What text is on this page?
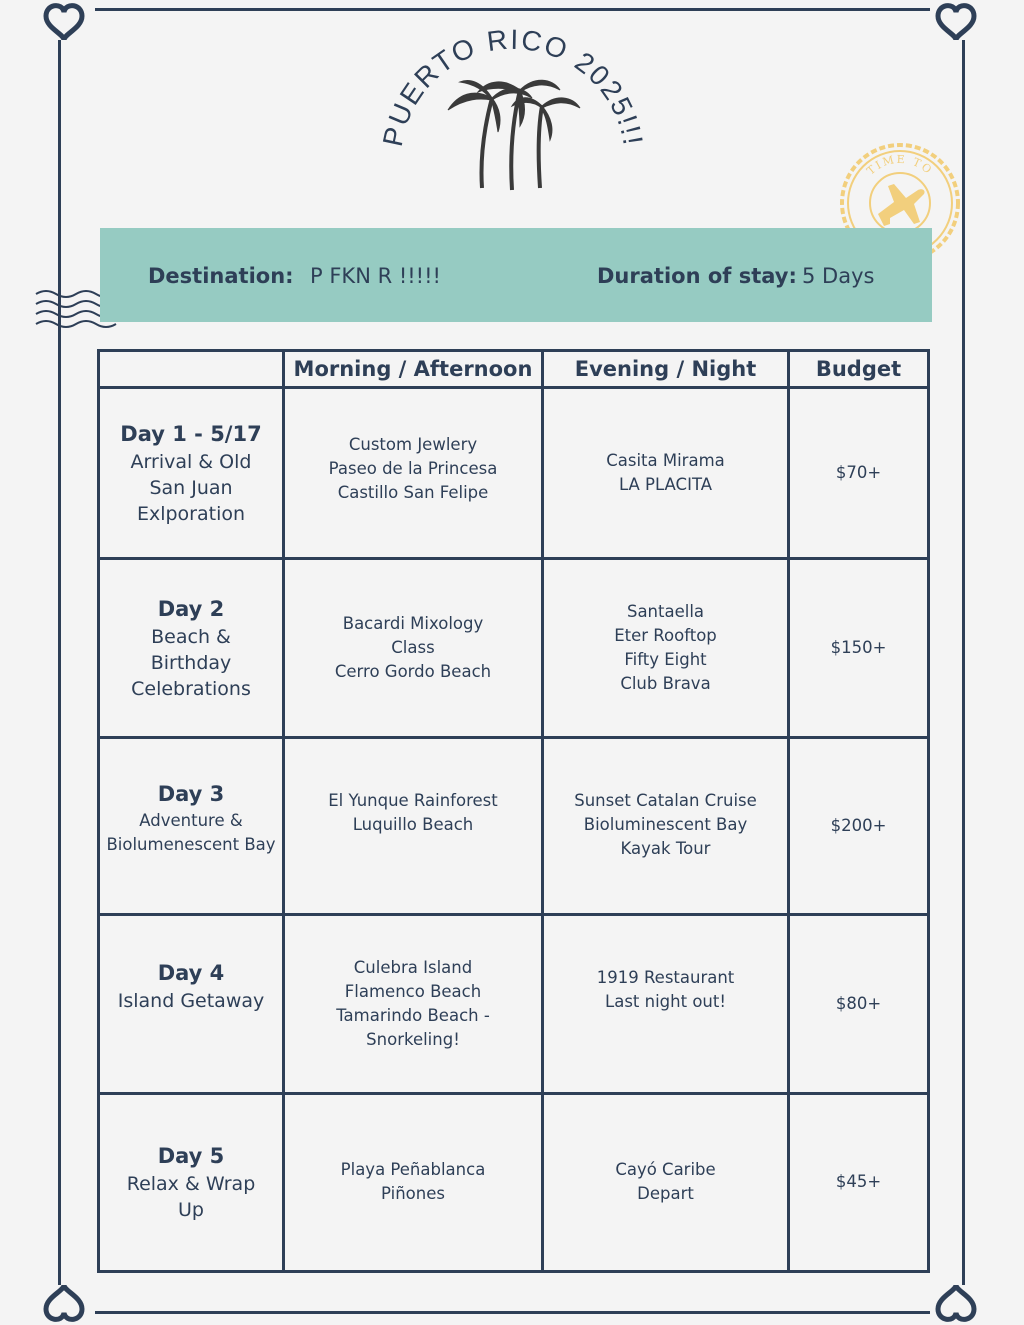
PUERTO RICO 2025!!!
TIME TO
Destination: P FKN R !!!!!	Duration of stay: 5 Days
	Morning / Afternoon	Evening / Night	Budget

Day 1 - 5/17
Arrival & Old
San Juan
Exlporation	Custom Jewlery
Paseo de la Princesa
Castillo San Felipe	Casita Mirama
LA PLACITA	$70+

Day 2
Beach &
Birthday
Celebrations	Bacardi Mixology
Class
Cerro Gordo Beach	Santaella
Eter Rooftop
Fifty Eight
Club Brava	$150+

Day 3
Adventure &
Biolumenescent Bay	El Yunque Rainforest
Luquillo Beach	Sunset Catalan Cruise
Bioluminescent Bay
Kayak Tour	$200+

Day 4
Island Getaway	Culebra Island
Flamenco Beach
Tamarindo Beach -
Snorkeling!	1919 Restaurant
Last night out!	$80+

Day 5
Relax & Wrap
Up	Playa Peñablanca
Piñones	Cayó Caribe
Depart	$45+
